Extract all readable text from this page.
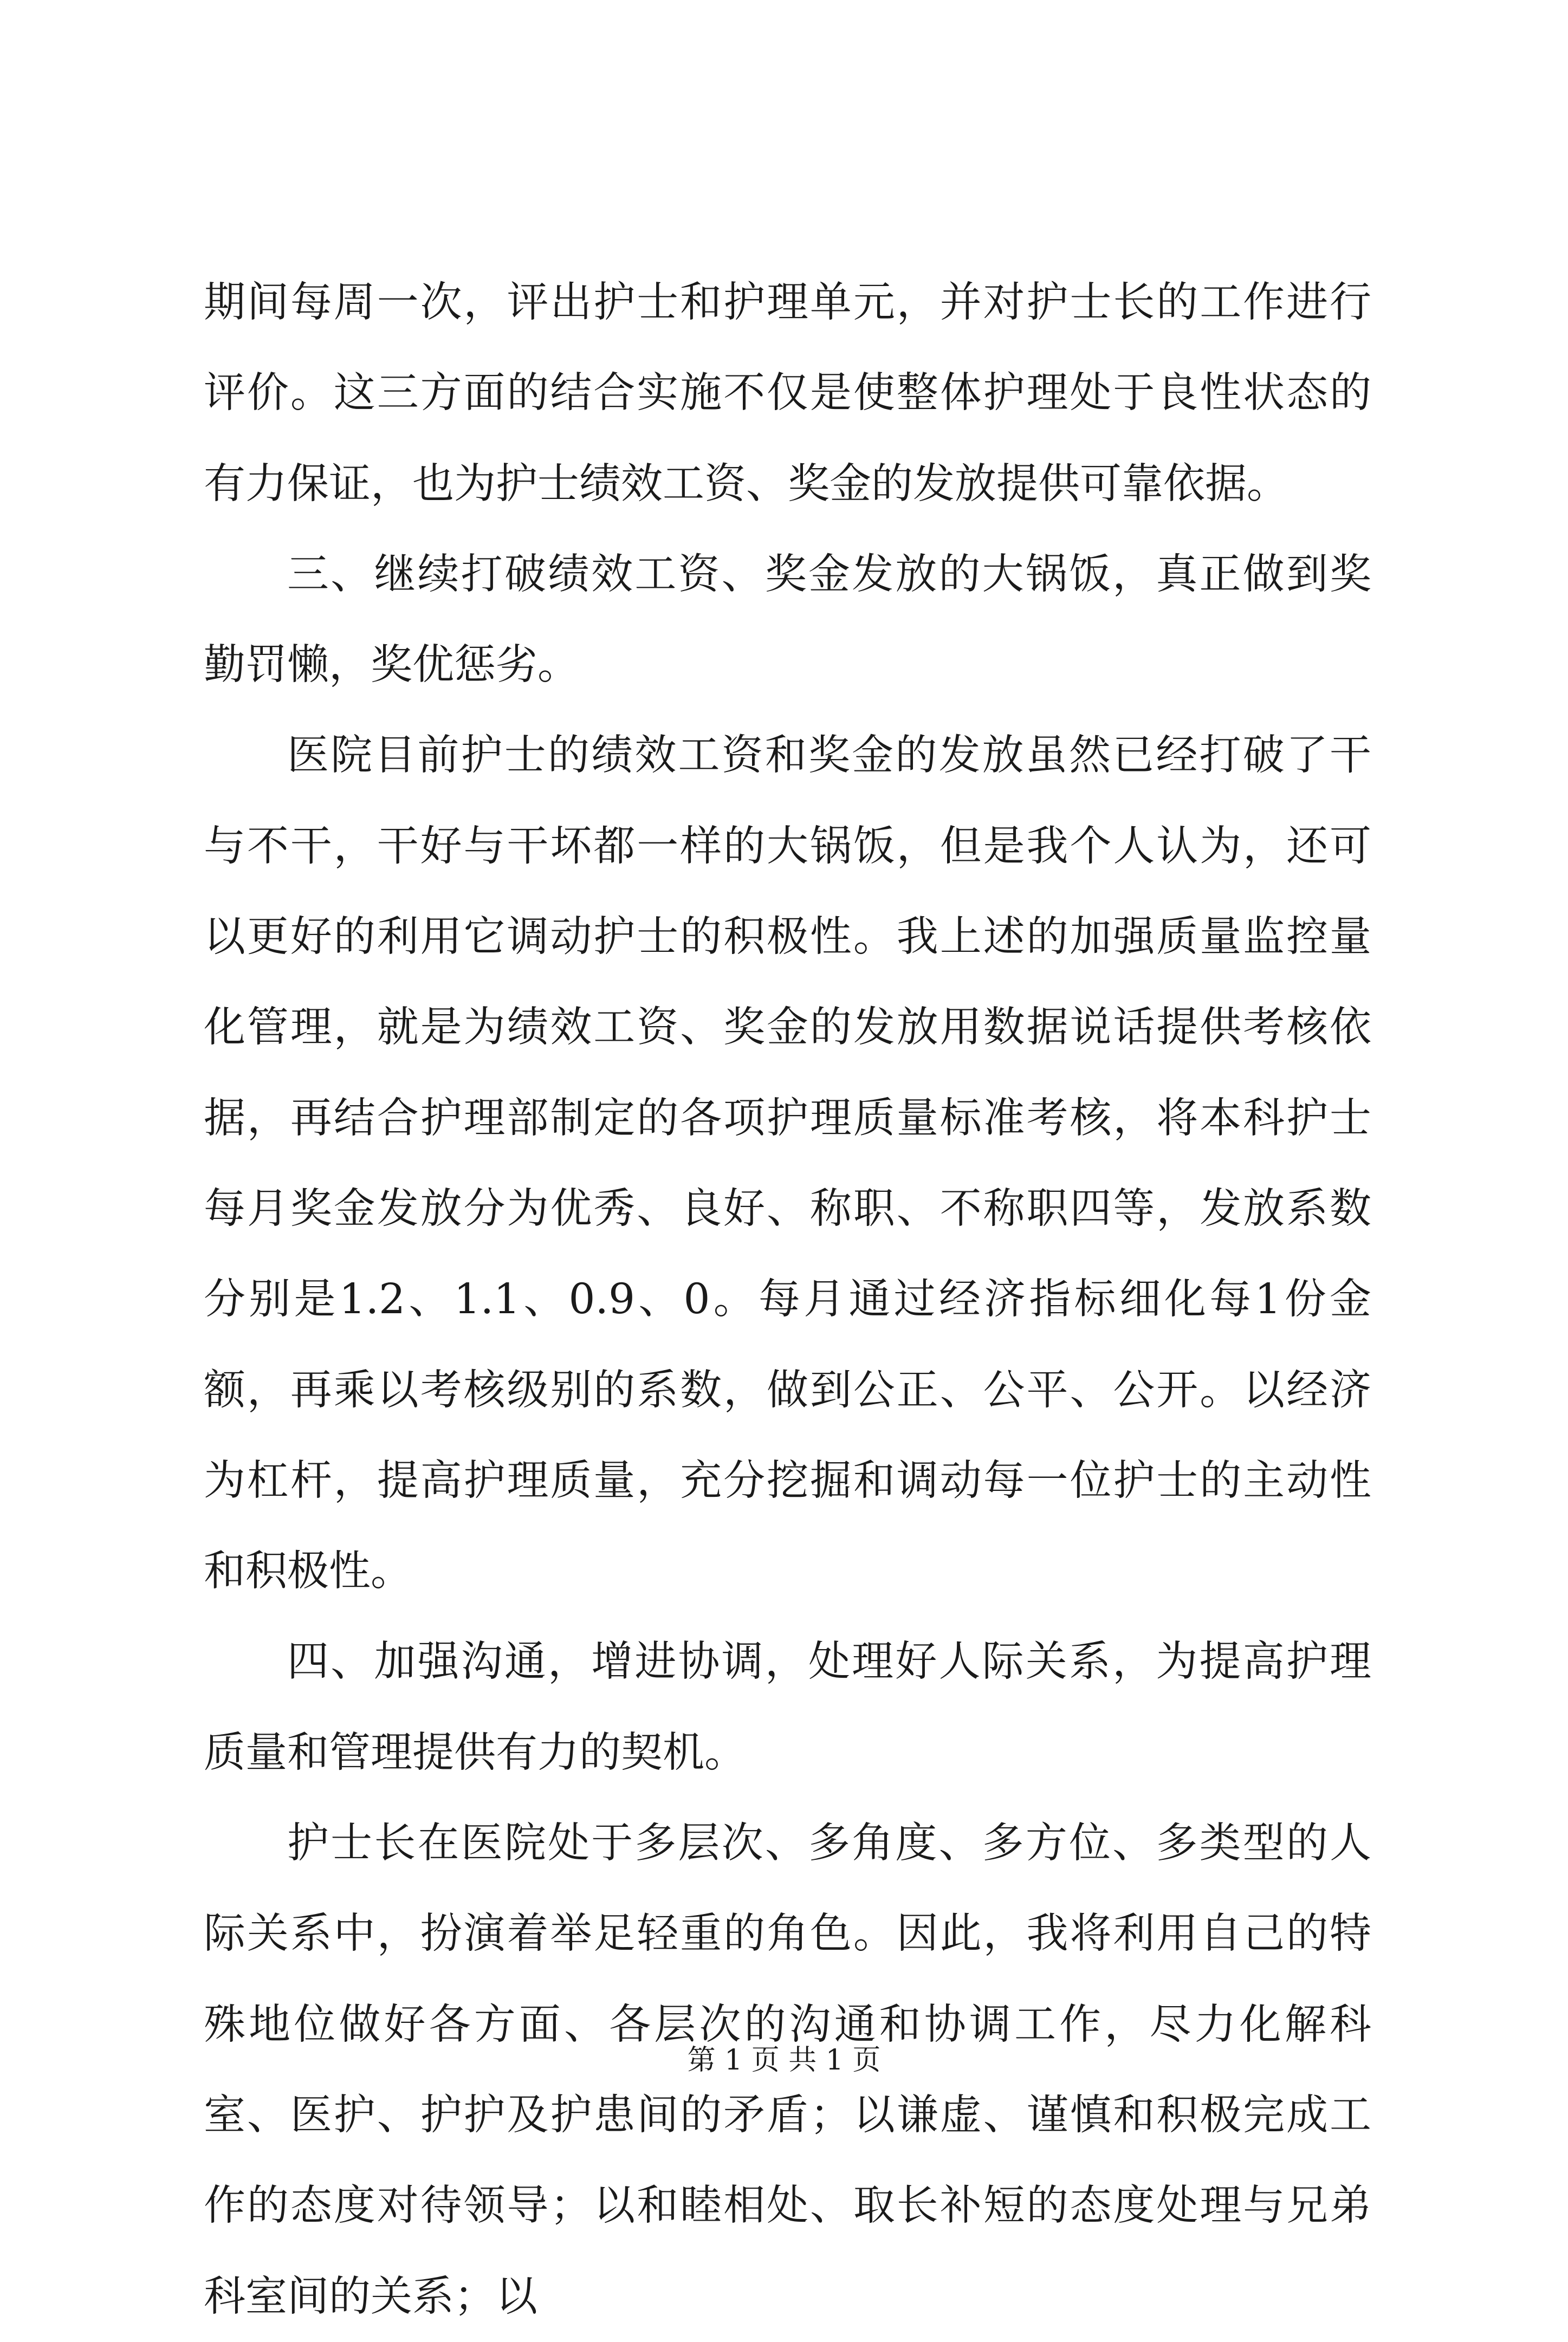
期间每周一次，评出护士和护理单元，并对护士长的工作进行评价。这三方面的结合实施不仅是使整体护理处于良性状态的有力保证，也为护士绩效工资、奖金的发放提供可靠依据。

三、继续打破绩效工资、奖金发放的大锅饭，真正做到奖勤罚懒，奖优惩劣。

医院目前护士的绩效工资和奖金的发放虽然已经打破了干与不干，干好与干坏都一样的大锅饭，但是我个人认为，还可以更好的利用它调动护士的积极性。我上述的加强质量监控量化管理，就是为绩效工资、奖金的发放用数据说话提供考核依据，再结合护理部制定的各项护理质量标准考核，将本科护士每月奖金发放分为优秀、良好、称职、不称职四等，发放系数分别是1.2、1.1、0.9、0。每月通过经济指标细化每1份金额，再乘以考核级别的系数，做到公正、公平、公开。以经济为杠杆，提高护理质量，充分挖掘和调动每一位护士的主动性和积极性。

四、加强沟通，增进协调，处理好人际关系，为提高护理质量和管理提供有力的契机。

护士长在医院处于多层次、多角度、多方位、多类型的人际关系中，扮演着举足轻重的角色。因此，我将利用自己的特殊地位做好各方面、各层次的沟通和协调工作，尽力化解科室、医护、护护及护患间的矛盾；以谦虚、谨慎和积极完成工作的态度对待领导；以和睦相处、取长补短的态度处理与兄弟科室间的关系；以

第 1 页 共 1 页
